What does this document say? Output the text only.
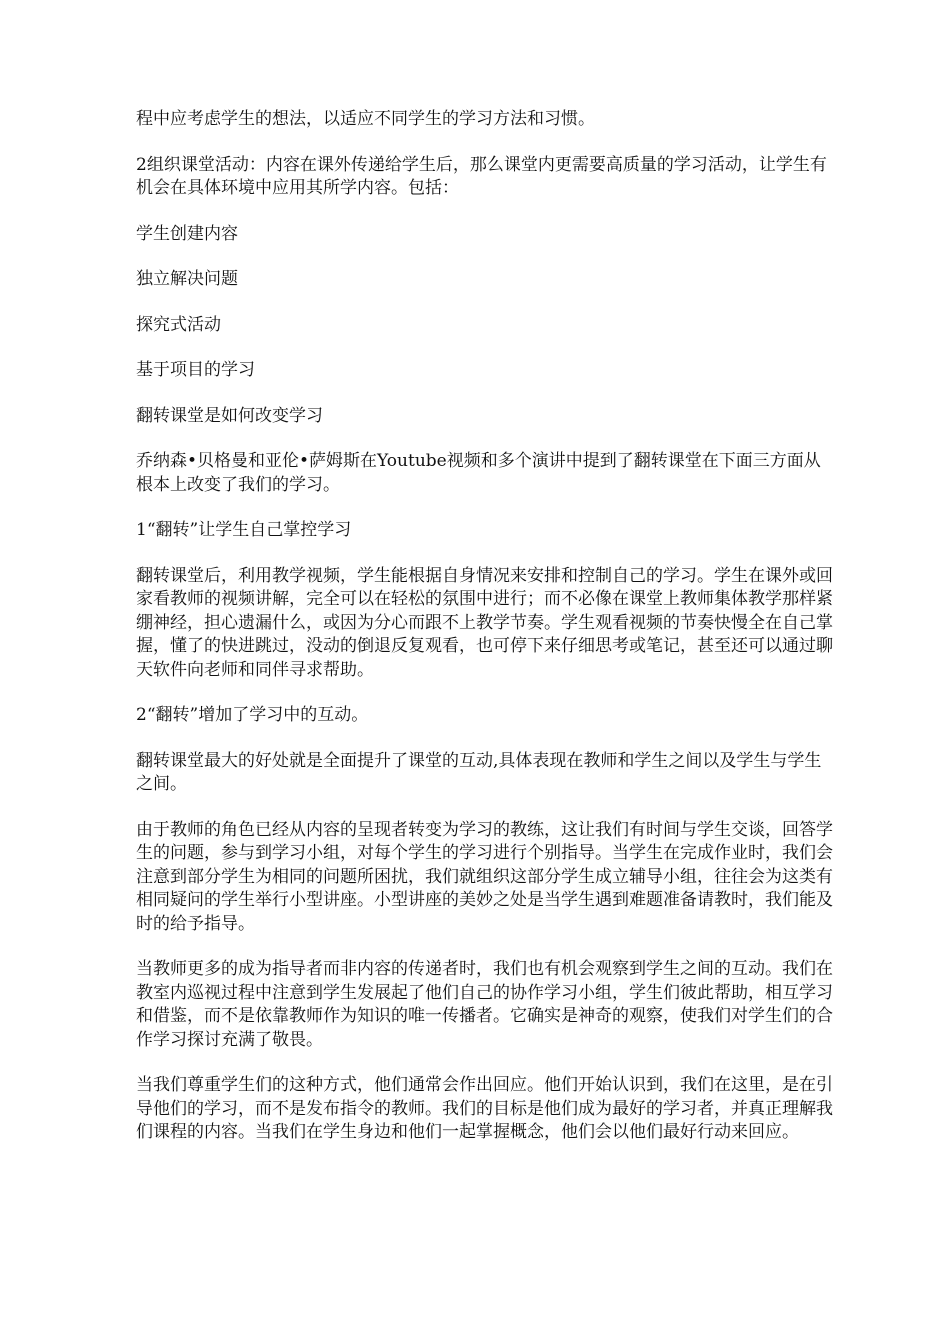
程中应考虑学生的想法，以适应不同学生的学习方法和习惯。

2组织课堂活动：内容在课外传递给学生后，那么课堂内更需要高质量的学习活动，让学生有机会在具体环境中应用其所学内容。包括：

学生创建内容

独立解决问题

探究式活动

基于项目的学习

翻转课堂是如何改变学习

乔纳森•贝格曼和亚伦•萨姆斯在Youtube视频和多个演讲中提到了翻转课堂在下面三方面从根本上改变了我们的学习。

1“翻转”让学生自己掌控学习

翻转课堂后，利用教学视频，学生能根据自身情况来安排和控制自己的学习。学生在课外或回家看教师的视频讲解，完全可以在轻松的氛围中进行；而不必像在课堂上教师集体教学那样紧绷神经，担心遗漏什么，或因为分心而跟不上教学节奏。学生观看视频的节奏快慢全在自己掌握，懂了的快进跳过，没动的倒退反复观看，也可停下来仔细思考或笔记，甚至还可以通过聊天软件向老师和同伴寻求帮助。

2“翻转”增加了学习中的互动。

翻转课堂最大的好处就是全面提升了课堂的互动,具体表现在教师和学生之间以及学生与学生之间。

由于教师的角色已经从内容的呈现者转变为学习的教练，这让我们有时间与学生交谈，回答学生的问题，参与到学习小组，对每个学生的学习进行个别指导。当学生在完成作业时，我们会注意到部分学生为相同的问题所困扰，我们就组织这部分学生成立辅导小组，往往会为这类有相同疑问的学生举行小型讲座。小型讲座的美妙之处是当学生遇到难题准备请教时，我们能及时的给予指导。

当教师更多的成为指导者而非内容的传递者时，我们也有机会观察到学生之间的互动。我们在教室内巡视过程中注意到学生发展起了他们自己的协作学习小组，学生们彼此帮助，相互学习和借鉴，而不是依靠教师作为知识的唯一传播者。它确实是神奇的观察，使我们对学生们的合作学习探讨充满了敬畏。

当我们尊重学生们的这种方式，他们通常会作出回应。他们开始认识到，我们在这里，是在引导他们的学习，而不是发布指令的教师。我们的目标是他们成为最好的学习者，并真正理解我们课程的内容。当我们在学生身边和他们一起掌握概念，他们会以他们最好行动来回应。
